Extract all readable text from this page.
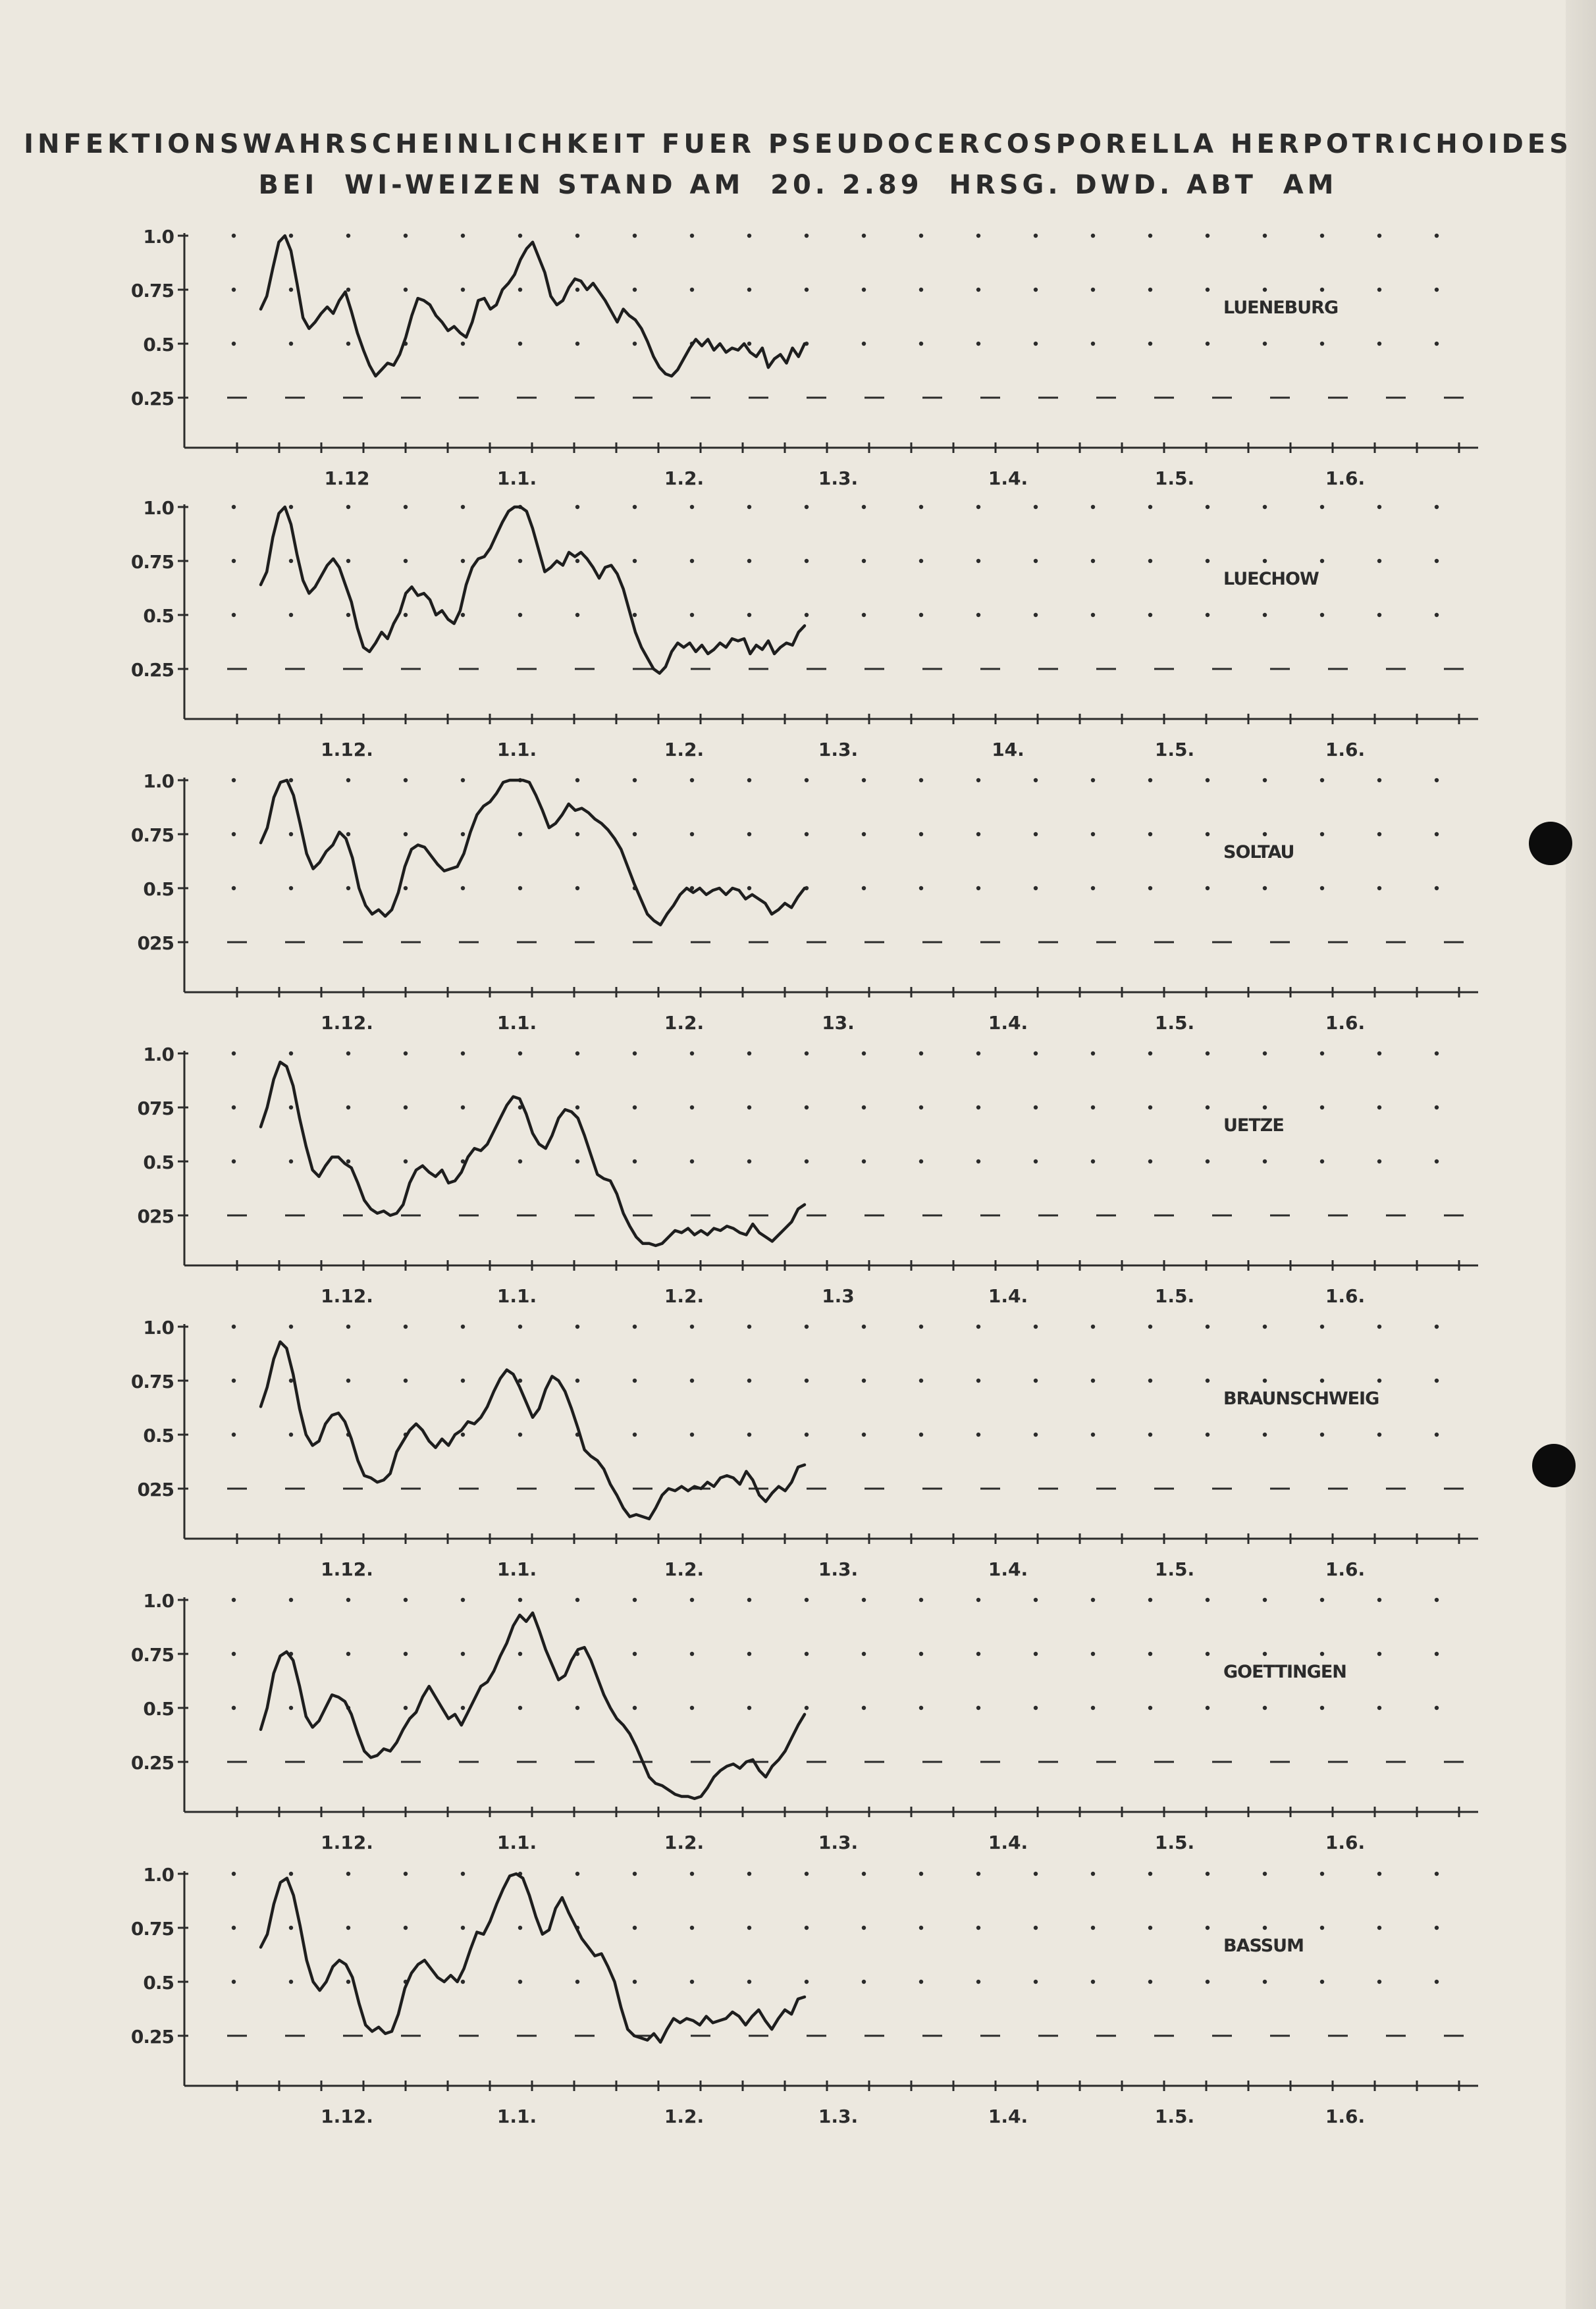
INFEKTIONSWAHRSCHEINLICHKEIT FUER PSEUDOCERCOSPORELLA HERPOTRICHOIDES
BEI  WI-WEIZEN STAND AM  20. 2.89  HRSG. DWD. ABT  AM
1.0
0.75
0.5
0.25
1.12	1.1.	1.2.	1.3.	1.4.	1.5.	1.6.
LUENEBURG
1.0
0.75
0.5
0.25
1.12.	1.1.	1.2.	1.3.	14.	1.5.	1.6.
LUECHOW
1.0
0.75
0.5
025
1.12.	1.1.	1.2.	13.	1.4.	1.5.	1.6.
SOLTAU
1.0
075
0.5
025
1.12.	1.1.	1.2.	1.3	1.4.	1.5.	1.6.
UETZE
1.0
0.75
0.5
025
1.12.	1.1.	1.2.	1.3.	1.4.	1.5.	1.6.
BRAUNSCHWEIG
1.0
0.75
0.5
0.25
1.12.	1.1.	1.2.	1.3.	1.4.	1.5.	1.6.
GOETTINGEN
1.0
0.75
0.5
0.25
1.12.	1.1.	1.2.	1.3.	1.4.	1.5.	1.6.
BASSUM
